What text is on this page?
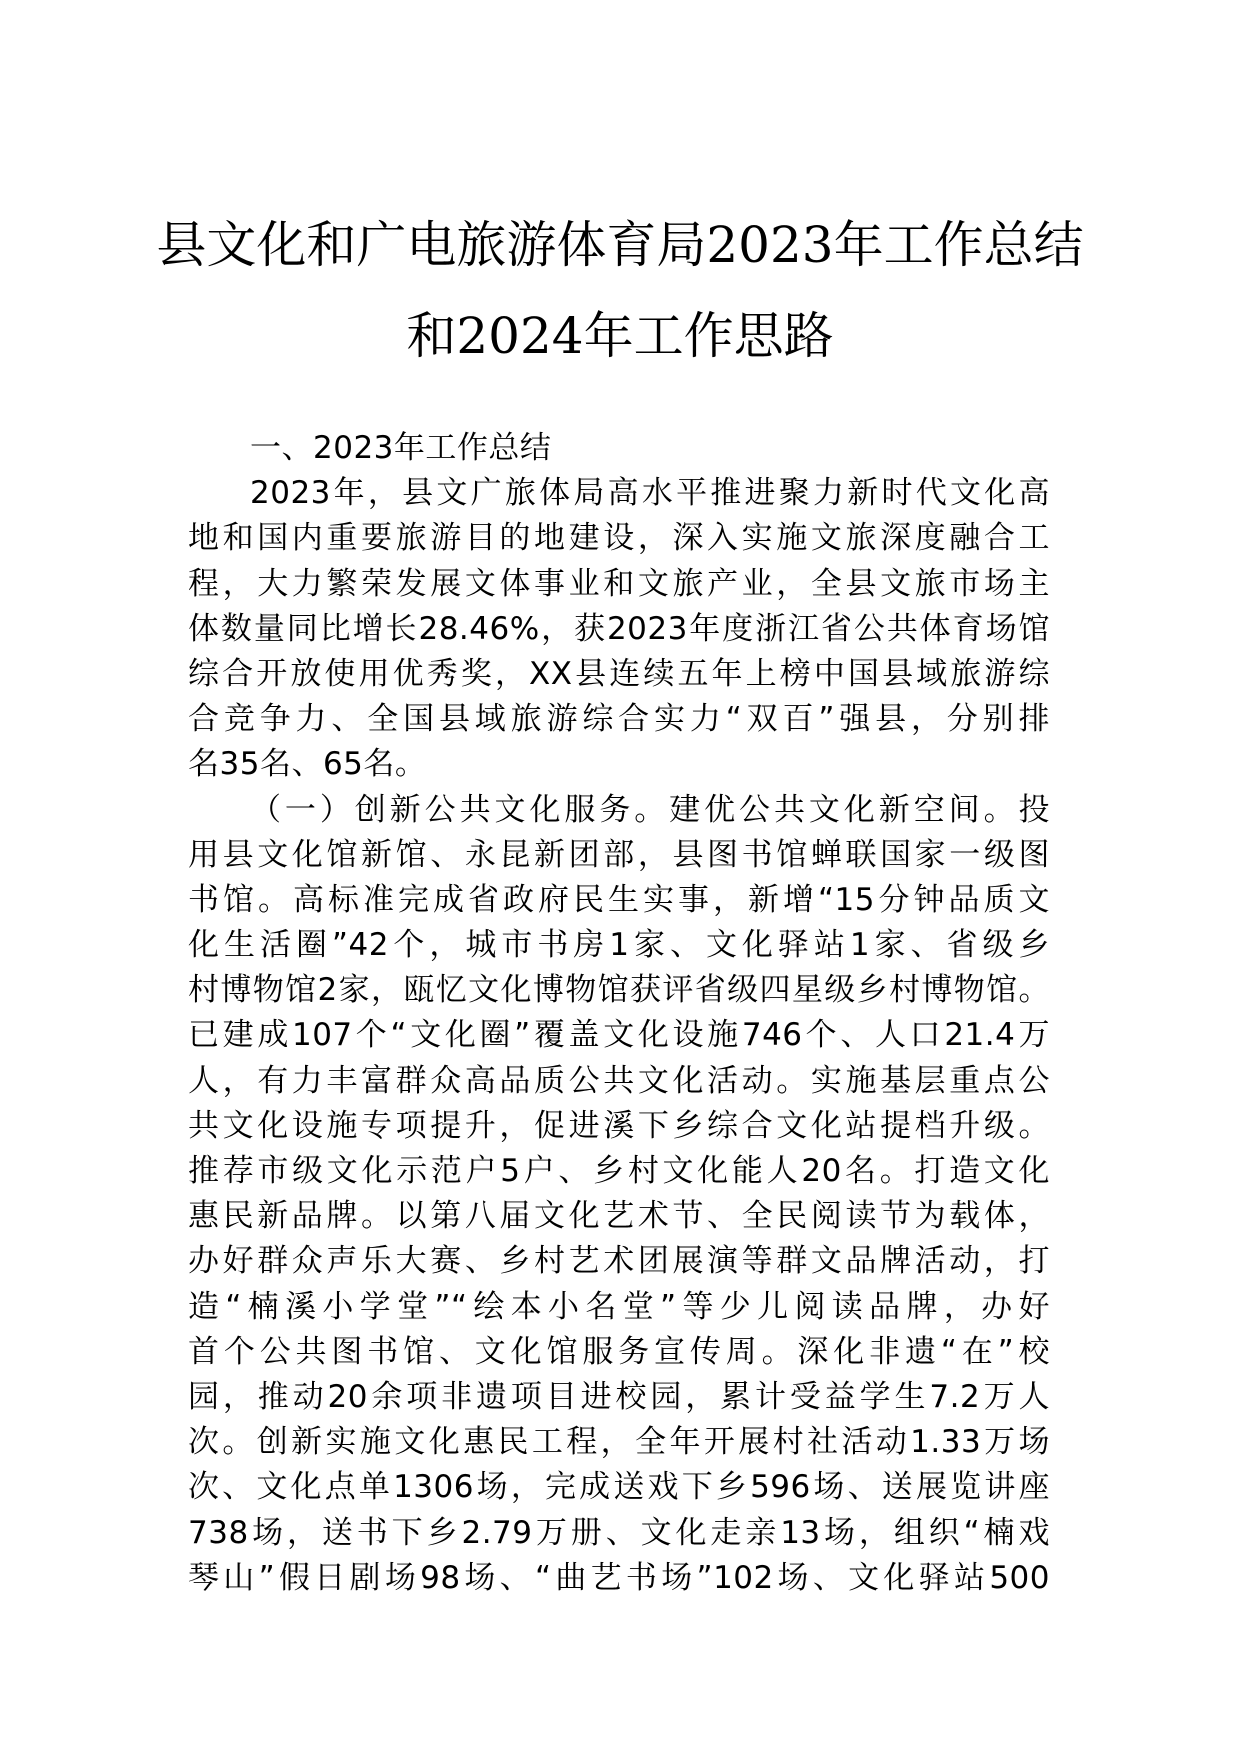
县文化和广电旅游体育局2023年工作总结
和2024年工作思路
一、2023年工作总结
2023年，县文广旅体局高水平推进聚力新时代文化高
地和国内重要旅游目的地建设，深入实施文旅深度融合工
程，大力繁荣发展文体事业和文旅产业，全县文旅市场主
体数量同比增长28.46%，获2023年度浙江省公共体育场馆
综合开放使用优秀奖，XX县连续五年上榜中国县域旅游综
合竞争力、全国县域旅游综合实力“双百”强县，分别排
名35名、65名。
（一）创新公共文化服务。建优公共文化新空间。投
用县文化馆新馆、永昆新团部，县图书馆蝉联国家一级图
书馆。高标准完成省政府民生实事，新增“15分钟品质文
化生活圈”42个，城市书房1家、文化驿站1家、省级乡
村博物馆2家，瓯忆文化博物馆获评省级四星级乡村博物馆。
已建成107个“文化圈”覆盖文化设施746个、人口21.4万
人，有力丰富群众高品质公共文化活动。实施基层重点公
共文化设施专项提升，促进溪下乡综合文化站提档升级。
推荐市级文化示范户5户、乡村文化能人20名。打造文化
惠民新品牌。以第八届文化艺术节、全民阅读节为载体，
办好群众声乐大赛、乡村艺术团展演等群文品牌活动，打
造“楠溪小学堂”“绘本小名堂”等少儿阅读品牌，办好
首个公共图书馆、文化馆服务宣传周。深化非遗“在”校
园，推动20余项非遗项目进校园，累计受益学生7.2万人
次。创新实施文化惠民工程，全年开展村社活动1.33万场
次、文化点单1306场，完成送戏下乡596场、送展览讲座
738场，送书下乡2.79万册、文化走亲13场，组织“楠戏
琴山”假日剧场98场、“曲艺书场”102场、文化驿站500
